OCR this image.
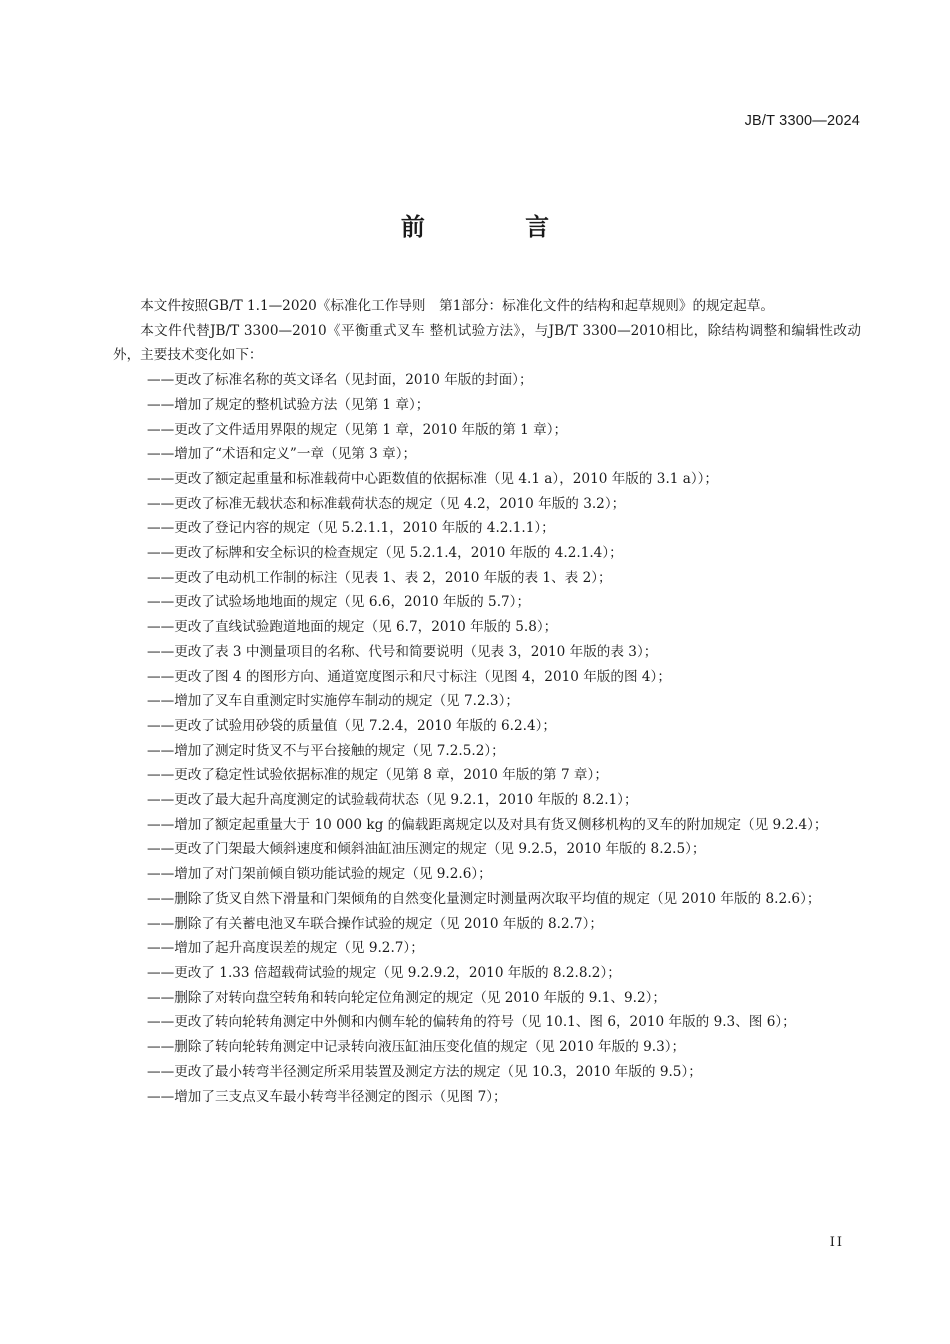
JB/T 3300—2024
前 言

本文件按照GB/T 1.1—2020《标准化工作导则　第1部分：标准化文件的结构和起草规则》的规定起草。

本文件代替JB/T 3300—2010《平衡重式叉车 整机试验方法》，与JB/T 3300—2010相比，除结构调整和编辑性改动外，主要技术变化如下：

——更改了标准名称的英文译名（见封面，2010 年版的封面）；

——增加了规定的整机试验方法（见第 1 章）；

——更改了文件适用界限的规定（见第 1 章，2010 年版的第 1 章）；

——增加了“术语和定义”一章（见第 3 章）；

——更改了额定起重量和标准载荷中心距数值的依据标准（见 4.1 a），2010 年版的 3.1 a））；

——更改了标准无载状态和标准载荷状态的规定（见 4.2，2010 年版的 3.2）；

——更改了登记内容的规定（见 5.2.1.1，2010 年版的 4.2.1.1）；

——更改了标牌和安全标识的检查规定（见 5.2.1.4，2010 年版的 4.2.1.4）；

——更改了电动机工作制的标注（见表 1、表 2，2010 年版的表 1、表 2）；

——更改了试验场地地面的规定（见 6.6，2010 年版的 5.7）；

——更改了直线试验跑道地面的规定（见 6.7，2010 年版的 5.8）；

——更改了表 3 中测量项目的名称、代号和简要说明（见表 3，2010 年版的表 3）；

——更改了图 4 的图形方向、通道宽度图示和尺寸标注（见图 4，2010 年版的图 4）；

——增加了叉车自重测定时实施停车制动的规定（见 7.2.3）；

——更改了试验用砂袋的质量值（见 7.2.4，2010 年版的 6.2.4）；

——增加了测定时货叉不与平台接触的规定（见 7.2.5.2）；

——更改了稳定性试验依据标准的规定（见第 8 章，2010 年版的第 7 章）；

——更改了最大起升高度测定的试验载荷状态（见 9.2.1，2010 年版的 8.2.1）；

——增加了额定起重量大于 10 000 kg 的偏载距离规定以及对具有货叉侧移机构的叉车的附加规定（见 9.2.4）；

——更改了门架最大倾斜速度和倾斜油缸油压测定的规定（见 9.2.5，2010 年版的 8.2.5）；

——增加了对门架前倾自锁功能试验的规定（见 9.2.6）；

——删除了货叉自然下滑量和门架倾角的自然变化量测定时测量两次取平均值的规定（见 2010 年版的 8.2.6）；

——删除了有关蓄电池叉车联合操作试验的规定（见 2010 年版的 8.2.7）；

——增加了起升高度误差的规定（见 9.2.7）；

——更改了 1.33 倍超载荷试验的规定（见 9.2.9.2，2010 年版的 8.2.8.2）；

——删除了对转向盘空转角和转向轮定位角测定的规定（见 2010 年版的 9.1、9.2）；

——更改了转向轮转角测定中外侧和内侧车轮的偏转角的符号（见 10.1、图 6，2010 年版的 9.3、图 6）；

——删除了转向轮转角测定中记录转向液压缸油压变化值的规定（见 2010 年版的 9.3）；

——更改了最小转弯半径测定所采用装置及测定方法的规定（见 10.3，2010 年版的 9.5）；

——增加了三支点叉车最小转弯半径测定的图示（见图 7）；

II
